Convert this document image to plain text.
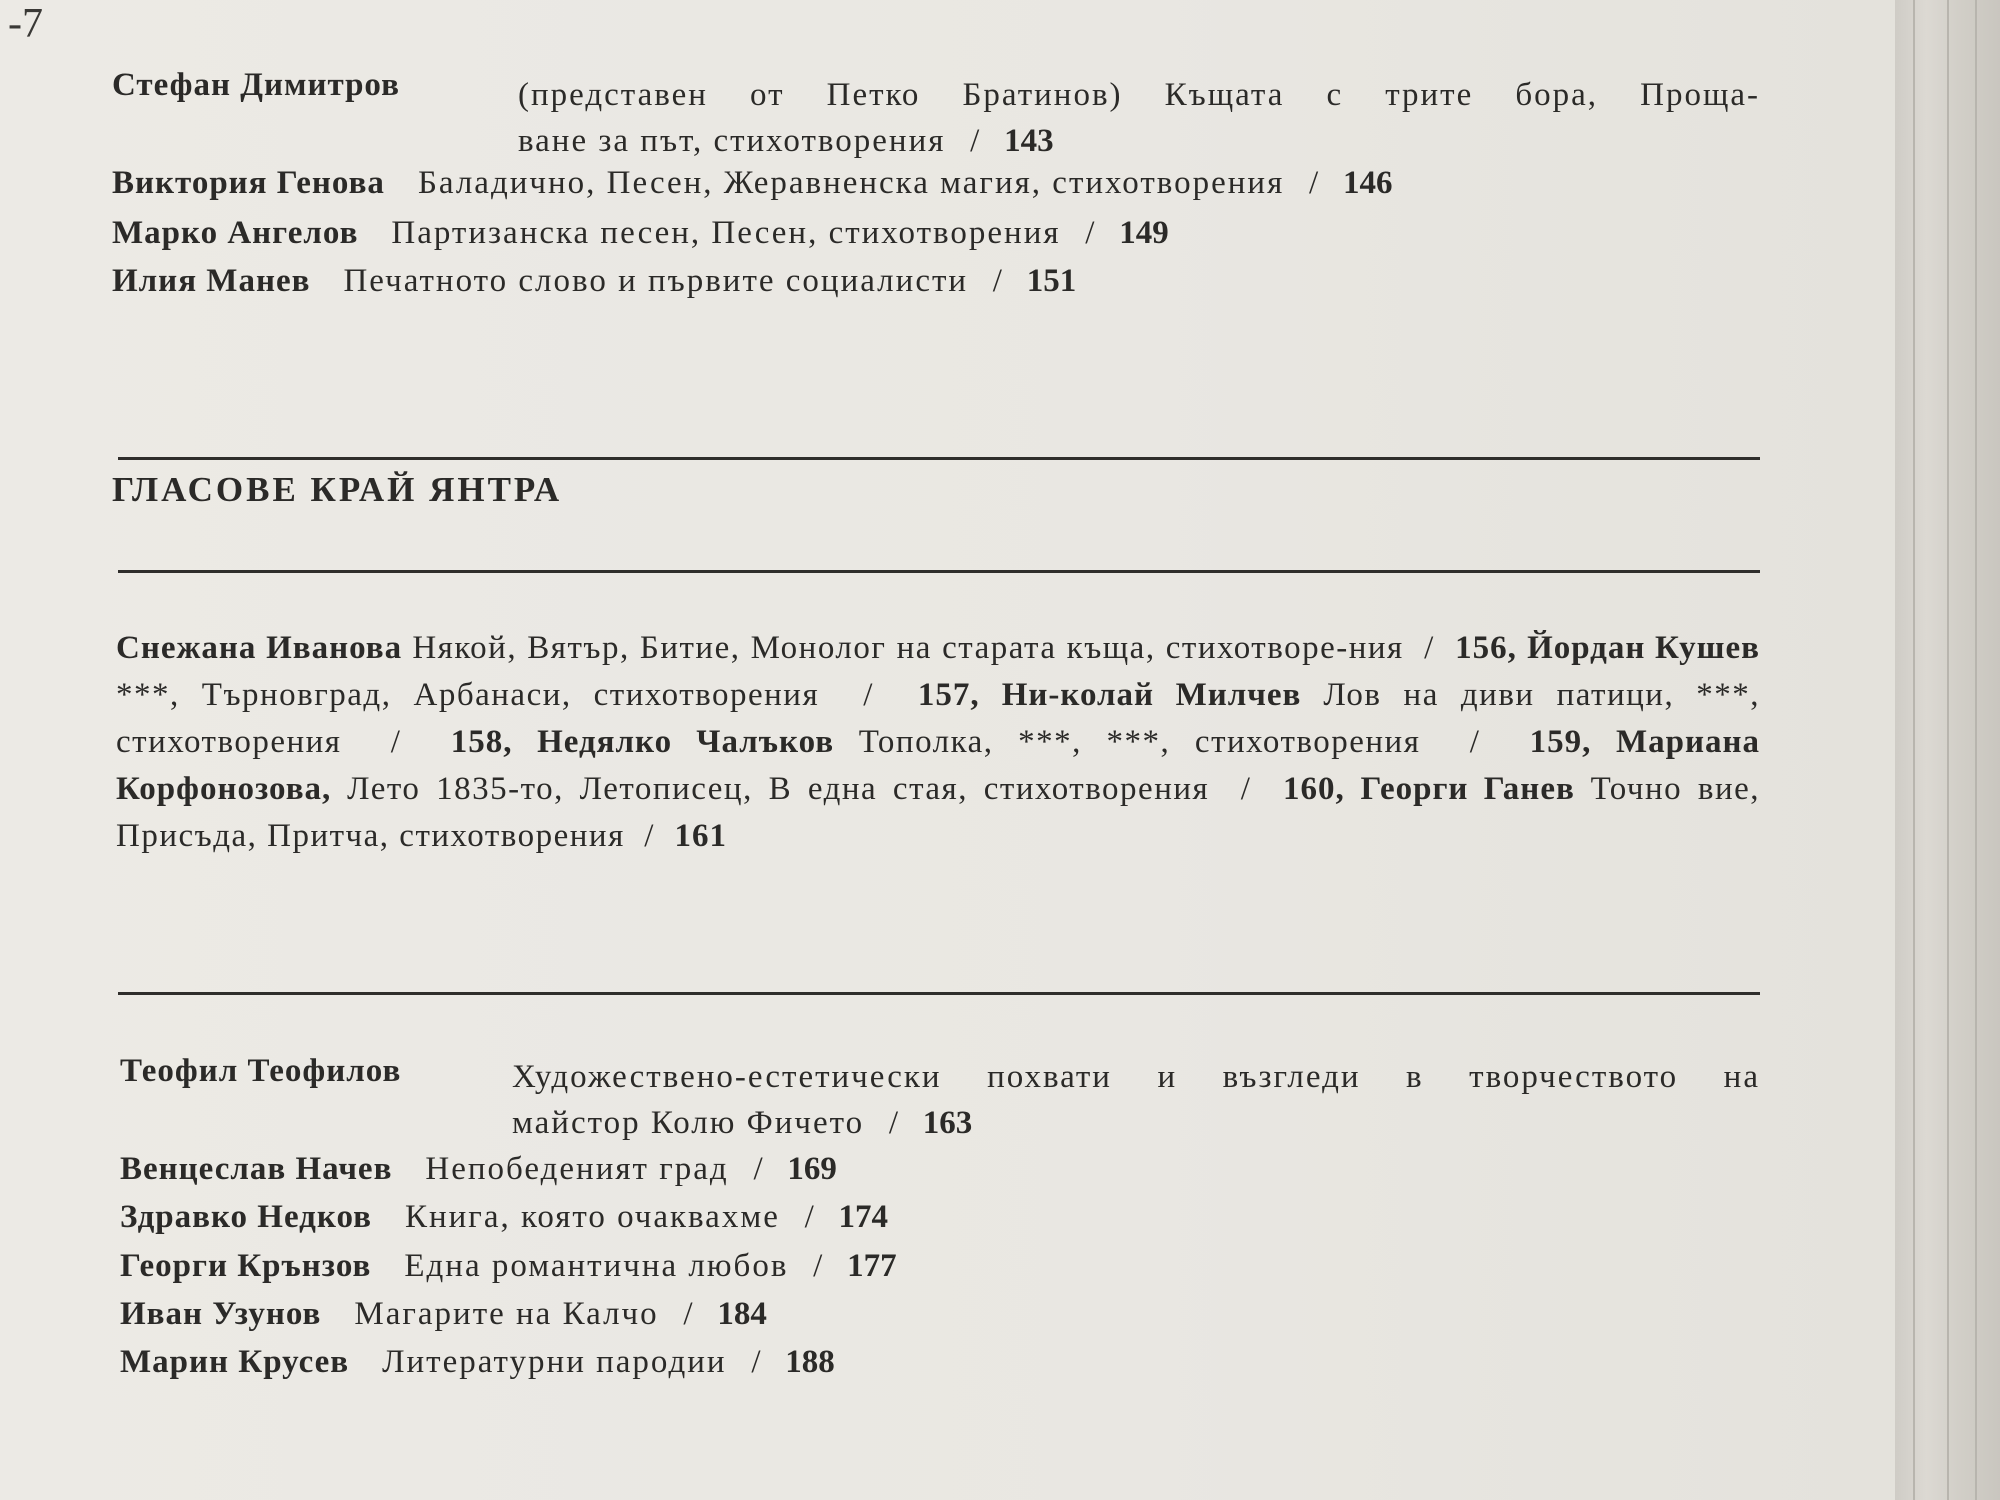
-7
Стефан Димитров	(представен от Петко Братинов) Къщата с трите бора, Проща-
ване за път, стихотворения / 143
Виктория Генова Баладично, Песен, Жеравненска магия, стихотворения / 146
Марко Ангелов Партизанска песен, Песен, стихотворения / 149
Илия Манев Печатното слово и първите социалисти / 151
ГЛАСОВЕ КРАЙ ЯНТРА
Снежана Иванова Някой, Вятър, Битие, Монолог на старата къща, стихотворе-ния / 156, Йордан Кушев ***, Търновград, Арбанаси, стихотворения / 157, Ни-колай Милчев Лов на диви патици, ***, стихотворения / 158, Недялко Чалъков Тополка, ***, ***, стихотворения / 159, Мариана Корфонозова, Лето 1835-то, Летописец, В една стая, стихотворения / 160, Георги Ганев Точно вие, Присъда, Притча, стихотворения / 161
Теофил Теофилов	Художествено-естетически похвати и възгледи в творчеството на
майстор Колю Фичето / 163
Венцеслав Начев Непобеденият град / 169
Здравко Недков Книга, която очаквахме / 174
Георги Крънзов Една романтична любов / 177
Иван Узунов Магарите на Калчо / 184
Марин Крусев Литературни пародии / 188
